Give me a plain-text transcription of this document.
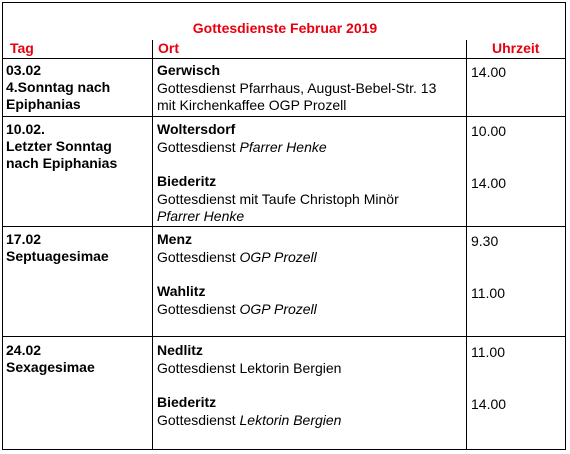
Gottesdienste Februar 2019
Tag	Ort	Uhrzeit
03.02
4.Sonntag nach
Epiphanias
Gerwisch
Gottesdienst Pfarrhaus, August-Bebel-Str. 13
mit Kirchenkaffee OGP Prozell
14.00
10.02.
Letzter Sonntag
nach Epiphanias
Woltersdorf
Gottesdienst Pfarrer Henke
10.00
Biederitz
Gottesdienst mit Taufe Christoph Minör
Pfarrer Henke
14.00
17.02
Septuagesimae
Menz
Gottesdienst OGP Prozell
9.30
Wahlitz
Gottesdienst OGP Prozell
11.00
24.02
Sexagesimae
Nedlitz
Gottesdienst Lektorin Bergien
11.00
Biederitz
Gottesdienst Lektorin Bergien
14.00
